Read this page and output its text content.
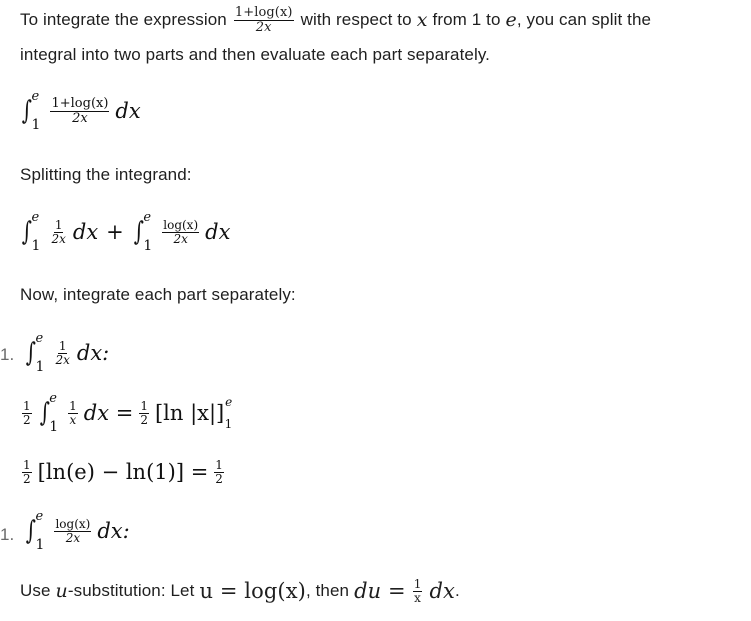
To integrate the expression $\frac{1+\log(x)}{2x}$ with respect to x from 1 to e , you can split the
integral into two parts and then evaluate each part separately.
∫ e
$1 \frac{1+\log(x)}{2x}$ dx
Splitting the integrand:
∫ e
1
$\frac{1}{2x}$ dx + ∫ e
1
$\frac{\log(x)}{2x}$ dx
Now, integrate each part separately:
1. ∫ e
1
$\frac{1}{2x}$ dx:
$\frac{1}{2}$ ∫ e
1
$\frac{1}{x}$ dx = $\frac{1}{2} [\ln$ |x|] e
1
$\frac{1}{2} [\ln(e) - \ln(1)] = \frac{1}{2}$
1. ∫ e
1
$\frac{\log(x)}{2x}$ dx:
Use u -substitution: Let u = log(x) , then du = $\frac{1}{x}$ dx .
